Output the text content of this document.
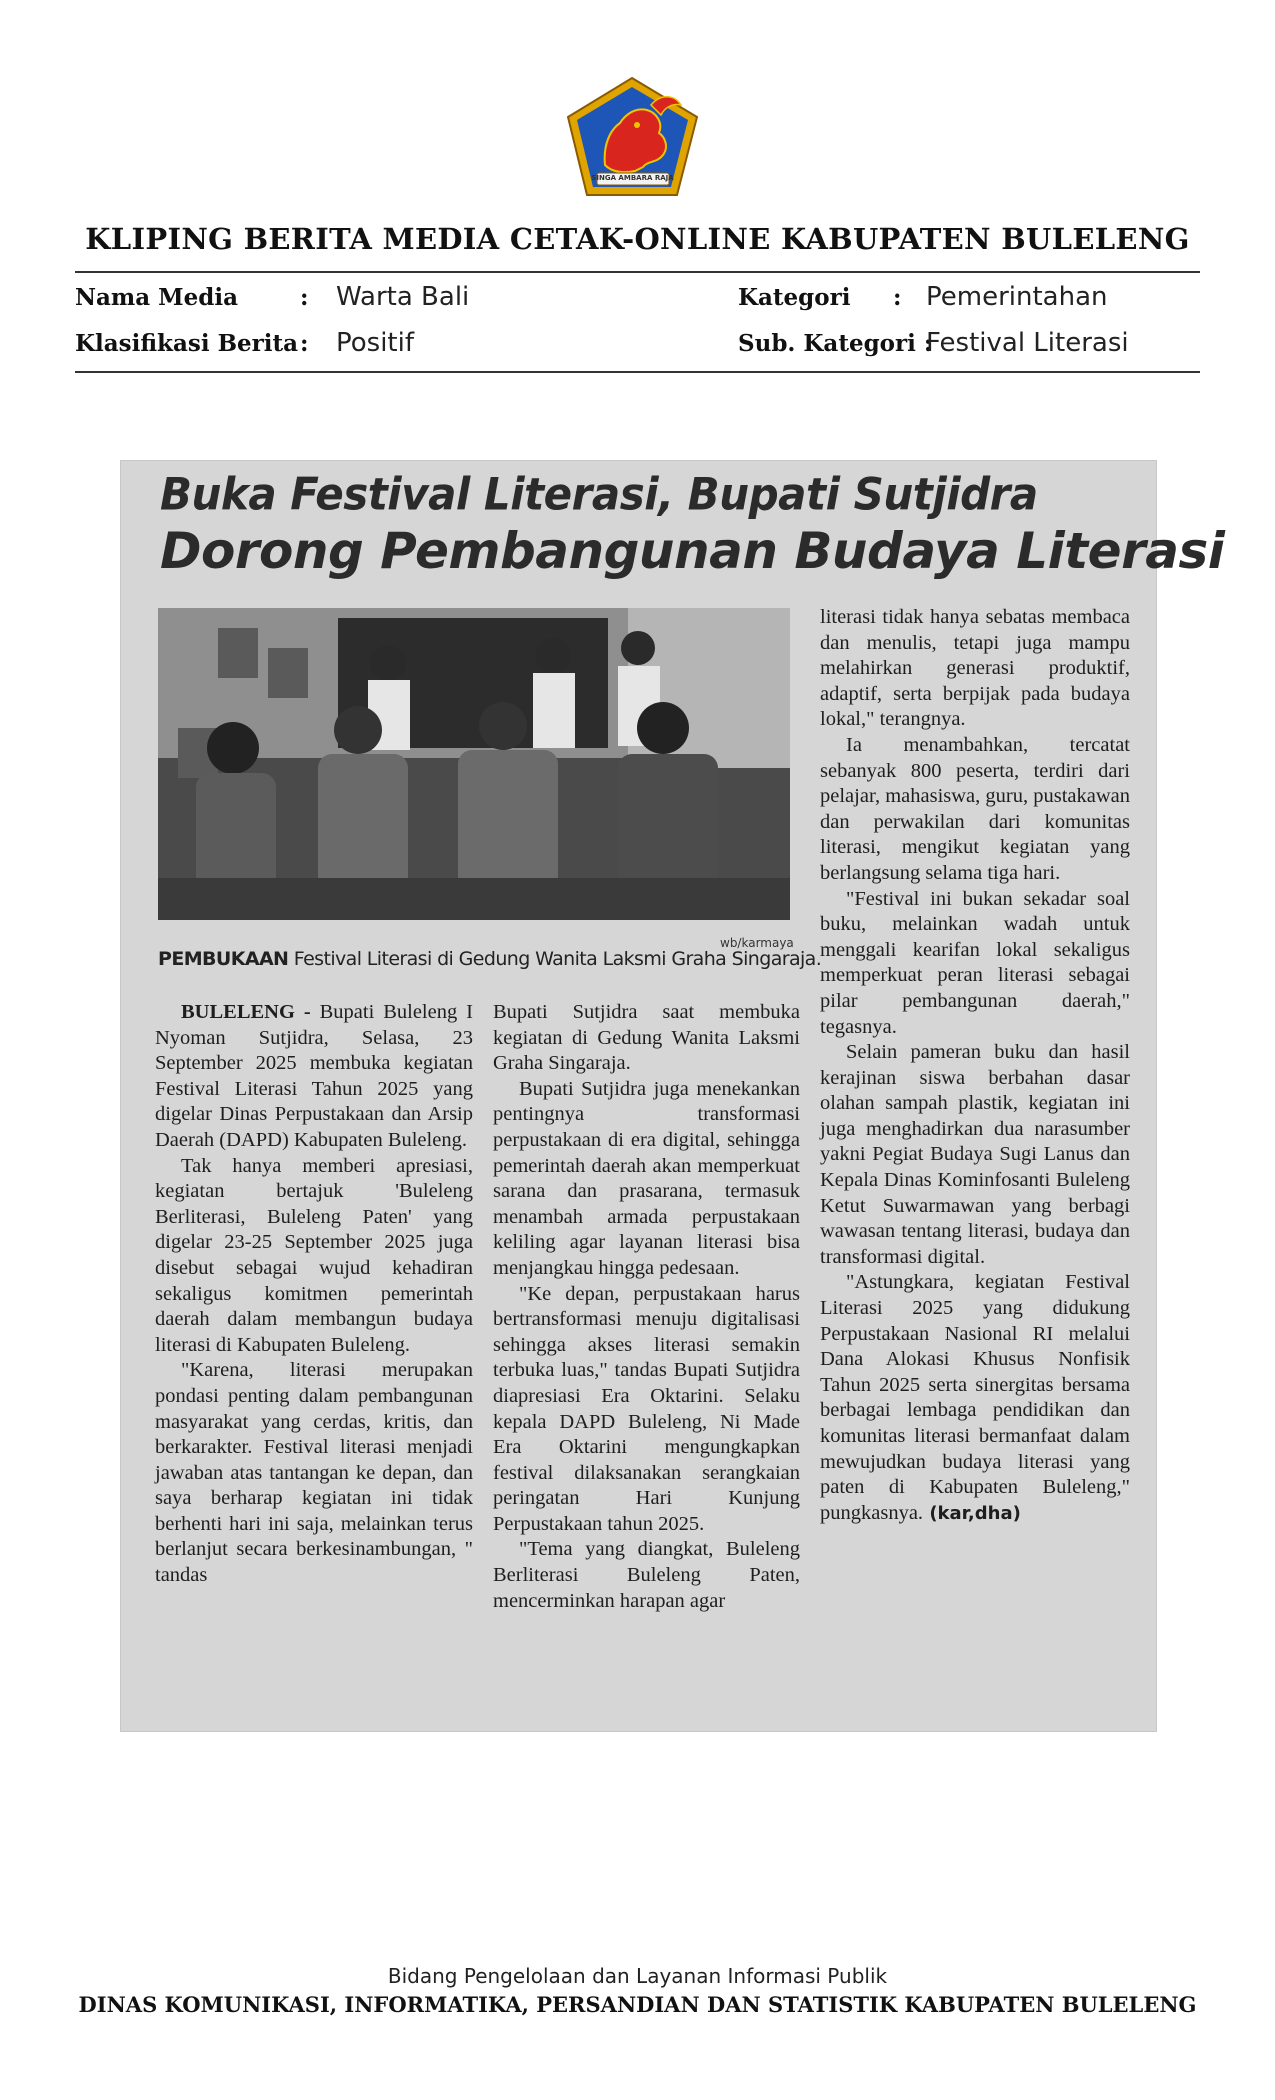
SINGA AMBARA RAJA
KLIPING BERITA MEDIA CETAK-ONLINE KABUPATEN BULELENG
Nama Media	: Warta Bali
Klasifikasi Berita : Positif
Kategori : Pemerintahan
Sub. Kategori :
Festival Literasi
Buka Festival Literasi, Bupati Sutjidra
Dorong Pembangunan Budaya Literasi
wb/karmaya
PEMBUKAAN Festival Literasi di Gedung Wanita Laksmi Graha Singaraja.

BULELENG - Bupati Buleleng I Nyoman Sutjidra, Selasa, 23 September 2025 membuka kegiatan Festival Literasi Tahun 2025 yang digelar Dinas Perpustakaan dan Arsip Daerah (DAPD) Kabupaten Buleleng.

Tak hanya memberi apresiasi, kegiatan bertajuk 'Buleleng Berliterasi, Buleleng Paten' yang digelar 23-25 September 2025 juga disebut sebagai wujud kehadiran sekaligus komitmen pemerintah daerah dalam membangun budaya literasi di Kabupaten Buleleng.

"Karena, literasi merupakan pondasi penting dalam pembangunan masyarakat yang cerdas, kritis, dan berkarakter. Festival literasi menjadi jawaban atas tantangan ke depan, dan saya berharap kegiatan ini tidak berhenti hari ini saja, melainkan terus berlanjut secara berkesinambungan, " tandas

Bupati Sutjidra saat membuka kegiatan di Gedung Wanita Laksmi Graha Singaraja.

Bupati Sutjidra juga menekankan pentingnya transformasi perpustakaan di era digital, sehingga pemerintah daerah akan memperkuat sarana dan prasarana, termasuk menambah armada perpustakaan keliling agar layanan literasi bisa menjangkau hingga pedesaan.

"Ke depan, perpustakaan harus bertransformasi menuju digitalisasi sehingga akses literasi semakin terbuka luas," tandas Bupati Sutjidra diapresiasi Era Oktarini. Selaku kepala DAPD Buleleng, Ni Made Era Oktarini mengungkapkan festival dilaksanakan serangkaian peringatan Hari Kunjung Perpustakaan tahun 2025.

"Tema yang diangkat, Buleleng Berliterasi Buleleng Paten, mencerminkan harapan agar

literasi tidak hanya sebatas membaca dan menulis, tetapi juga mampu melahirkan generasi produktif, adaptif, serta berpijak pada budaya lokal," terangnya.

Ia menambahkan, tercatat sebanyak 800 peserta, terdiri dari pelajar, mahasiswa, guru, pustakawan dan perwakilan dari komunitas literasi, mengikut kegiatan yang berlangsung selama tiga hari.

"Festival ini bukan sekadar soal buku, melainkan wadah untuk menggali kearifan lokal sekaligus memperkuat peran literasi sebagai pilar pembangunan daerah," tegasnya.

Selain pameran buku dan hasil kerajinan siswa berbahan dasar olahan sampah plastik, kegiatan ini juga menghadirkan dua narasumber yakni Pegiat Budaya Sugi Lanus dan Kepala Dinas Kominfosanti Buleleng Ketut Suwarmawan yang berbagi wawasan tentang literasi, budaya dan transformasi digital.

"Astungkara, kegiatan Festival Literasi 2025 yang didukung Perpustakaan Nasional RI melalui Dana Alokasi Khusus Nonfisik Tahun 2025 serta sinergitas bersama berbagai lembaga pendidikan dan komunitas literasi bermanfaat dalam mewujudkan budaya literasi yang paten di Kabupaten Buleleng," pungkasnya. (kar,dha)

Bidang Pengelolaan dan Layanan Informasi Publik
DINAS KOMUNIKASI, INFORMATIKA, PERSANDIAN DAN STATISTIK KABUPATEN BULELENG
